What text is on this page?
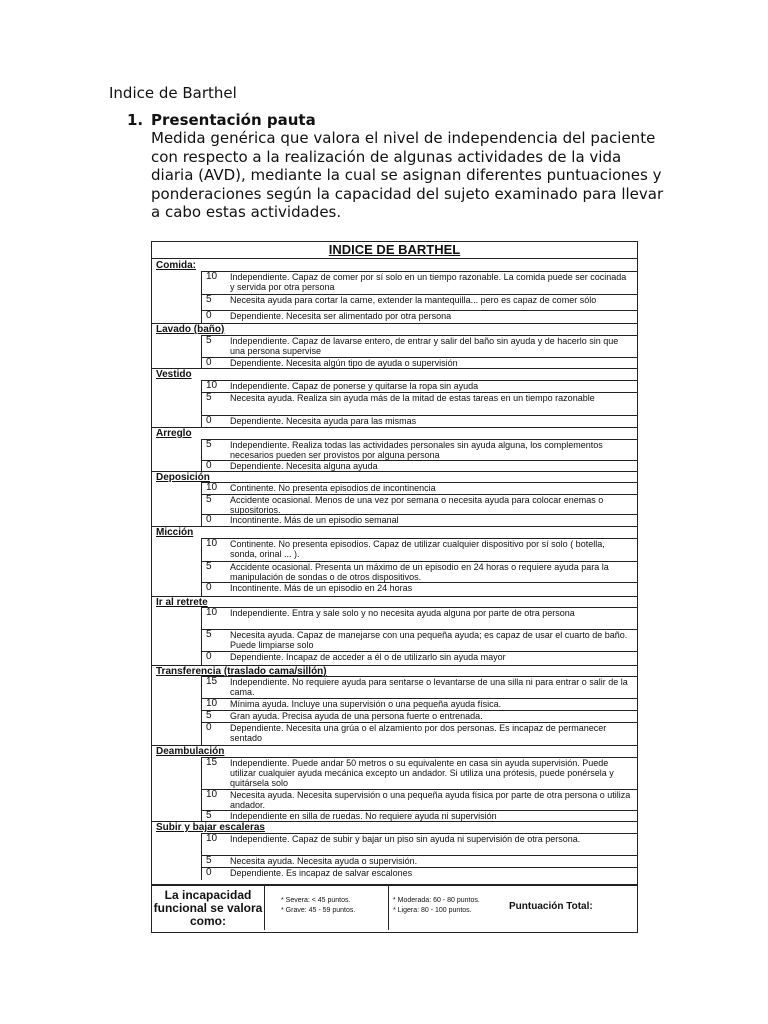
Indice de Barthel
1. Presentación pauta
Medida genérica que valora el nivel de independencia del paciente con respecto a la realización de algunas actividades de la vida diaria (AVD), mediante la cual se asignan diferentes puntuaciones y ponderaciones según la capacidad del sujeto examinado para llevar a cabo estas actividades.
INDICE DE BARTHEL
Comida:
10 Independiente. Capaz de comer por sí solo en un tiempo razonable. La comida puede ser cocinada y servida por otra persona
5 Necesita ayuda para cortar la carne, extender la mantequilla... pero es capaz de comer sólo
0 Dependiente. Necesita ser alimentado por otra persona
Lavado (baño)
5 Independiente. Capaz de lavarse entero, de entrar y salir del baño sin ayuda y de hacerlo sin que una persona supervise
0 Dependiente. Necesita algún tipo de ayuda o supervisión
Vestido
10 Independiente. Capaz de ponerse y quitarse la ropa sin ayuda
5 Necesita ayuda. Realiza sin ayuda más de la mitad de estas tareas en un tiempo razonable
0 Dependiente. Necesita ayuda para las mismas
Arreglo
5 Independiente. Realiza todas las actividades personales sin ayuda alguna, los complementos necesarios pueden ser provistos por alguna persona
0 Dependiente. Necesita alguna ayuda
Deposición
10 Continente. No presenta episodios de incontinencia
5 Accidente ocasional. Menos de una vez por semana o necesita ayuda para colocar enemas o supositorios.
0 Incontinente. Más de un episodio semanal
Micción
10 Continente. No presenta episodios. Capaz de utilizar cualquier dispositivo por sí solo ( botella, sonda, orinal ... ).
5 Accidente ocasional. Presenta un máximo de un episodio en 24 horas o requiere ayuda para la manipulación de sondas o de otros dispositivos.
0 Incontinente. Más de un episodio en 24 horas
Ir al retrete
10 Independiente. Entra y sale solo y no necesita ayuda alguna por parte de otra persona
5 Necesita ayuda. Capaz de manejarse con una pequeña ayuda; es capaz de usar el cuarto de baño. Puede limpiarse solo
0 Dependiente. Incapaz de acceder a él o de utilizarlo sin ayuda mayor
Transferencia (traslado cama/sillón)
15 Independiente. No requiere ayuda para sentarse o levantarse de una silla ni para entrar o salir de la cama.
10 Mínima ayuda. Incluye una supervisión o una pequeña ayuda física.
5 Gran ayuda. Precisa ayuda de una persona fuerte o entrenada.
0 Dependiente. Necesita una grúa o el alzamiento por dos personas. Es incapaz de permanecer sentado
Deambulación
15 Independiente. Puede andar 50 metros o su equivalente en casa sin ayuda supervisión. Puede utilizar cualquier ayuda mecánica excepto un andador. Si utiliza una prótesis, puede ponérsela y quitársela solo
10 Necesita ayuda. Necesita supervisión o una pequeña ayuda física por parte de otra persona o utiliza andador.
5 Independiente en silla de ruedas. No requiere ayuda ni supervisión
Subir y bajar escaleras
10 Independiente. Capaz de subir y bajar un piso sin ayuda ni supervisión de otra persona.
5 Necesita ayuda. Necesita ayuda o supervisión.
0 Dependiente. Es incapaz de salvar escalones
La incapacidad funcional se valora como:
* Severa: < 45 puntos.
* Grave: 45 - 59 puntos.
* Moderada: 60 - 80 puntos.
* Ligera: 80 - 100 puntos.	Puntuación Total:
